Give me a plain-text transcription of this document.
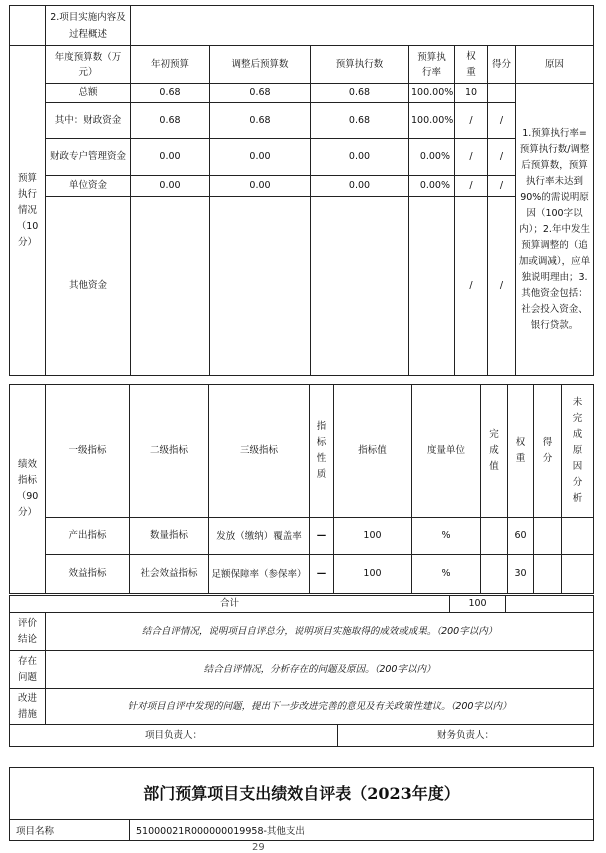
	2.项目实施内容及过程概述							

预算
执行
情况
（10
分）	年度预算数（万元）	年初预算	调整后预算数	预算执行数	预算执行率	权重	得分	原因
	总额	0.68	0.68	0.68	100.00%	10		1.预算执行率=预算执行数/调整后预算数，预算执行率未达到90%的需说明原因（100字以内）；2.年中发生预算调整的（追加或调减），应单独说明理由；3.其他资金包括：社会投入资金、银行贷款。
	其中：财政资金	0.68	0.68	0.68	100.00%	/	/	
	财政专户管理资金	0.00	0.00	0.00	0.00%	/	/	
	单位资金	0.00	0.00	0.00	0.00%	/	/	
	其他资金					/	/	
绩效
指标
（90
分）	一级指标	二级指标	三级指标	指标性质	指标值	度量单位	完成值	权重	得分	未完成原因分析

	产出指标	数量指标	发放（缴纳）覆盖率	—	100	%		60		
	效益指标	社会效益指标	足额保障率（参保率）	—	100	%		30		
合计		100	

评价结论	结合自评情况，说明项目自评总分，说明项目实施取得的成效或成果。（200字以内）		

存在问题	结合自评情况，分析存在的问题及原因。（200字以内）		

改进措施	针对项目自评中发现的问题，提出下一步改进完善的意见及有关政策性建议。（200字以内）		
项目负责人：	财务负责人：
部门预算项目支出绩效自评表（2023年度）
项目名称	51000021R000000019958-其他支出
29
